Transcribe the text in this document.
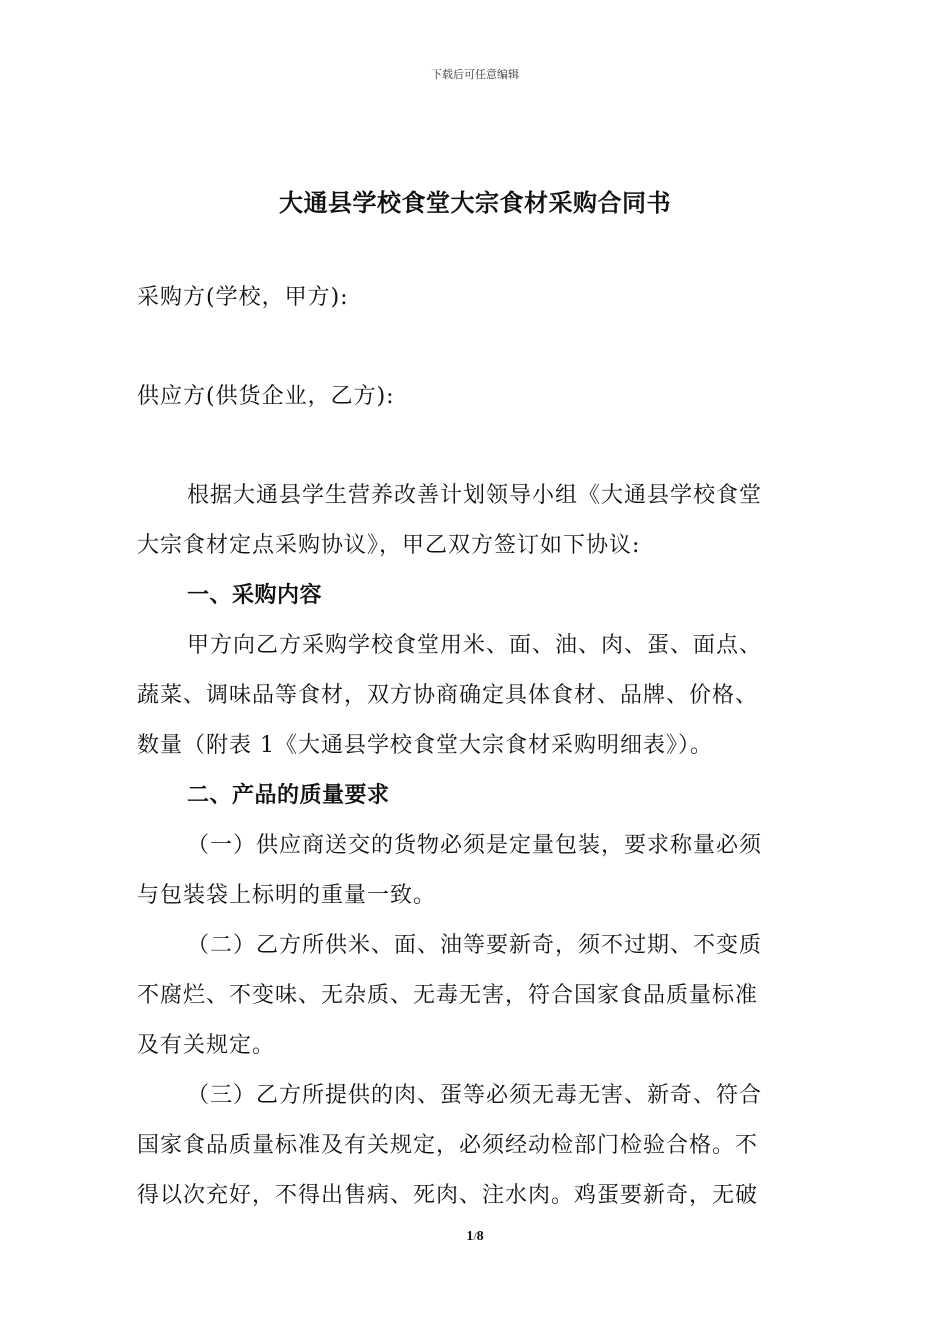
下载后可任意编辑
大通县学校食堂大宗食材采购合同书
采购方(学校，甲方):
供应方(供货企业，乙方):
根据大通县学生营养改善计划领导小组《大通县学校食堂
大宗食材定点采购协议》，甲乙双方签订如下协议:
一、采购内容
甲方向乙方采购学校食堂用米、面、油、肉、蛋、面点、
蔬菜、调味品等食材，双方协商确定具体食材、品牌、价格、
数量（附表 1《大通县学校食堂大宗食材采购明细表》）。
二、产品的质量要求
（一）供应商送交的货物必须是定量包装，要求称量必须
与包装袋上标明的重量一致。
（二）乙方所供米、面、油等要新奇，须不过期、不变质
不腐烂、不变味、无杂质、无毒无害，符合国家食品质量标准
及有关规定。
（三）乙方所提供的肉、蛋等必须无毒无害、新奇、符合
国家食品质量标准及有关规定，必须经动检部门检验合格。不
得以次充好，不得出售病、死肉、注水肉。鸡蛋要新奇，无破
1/8
